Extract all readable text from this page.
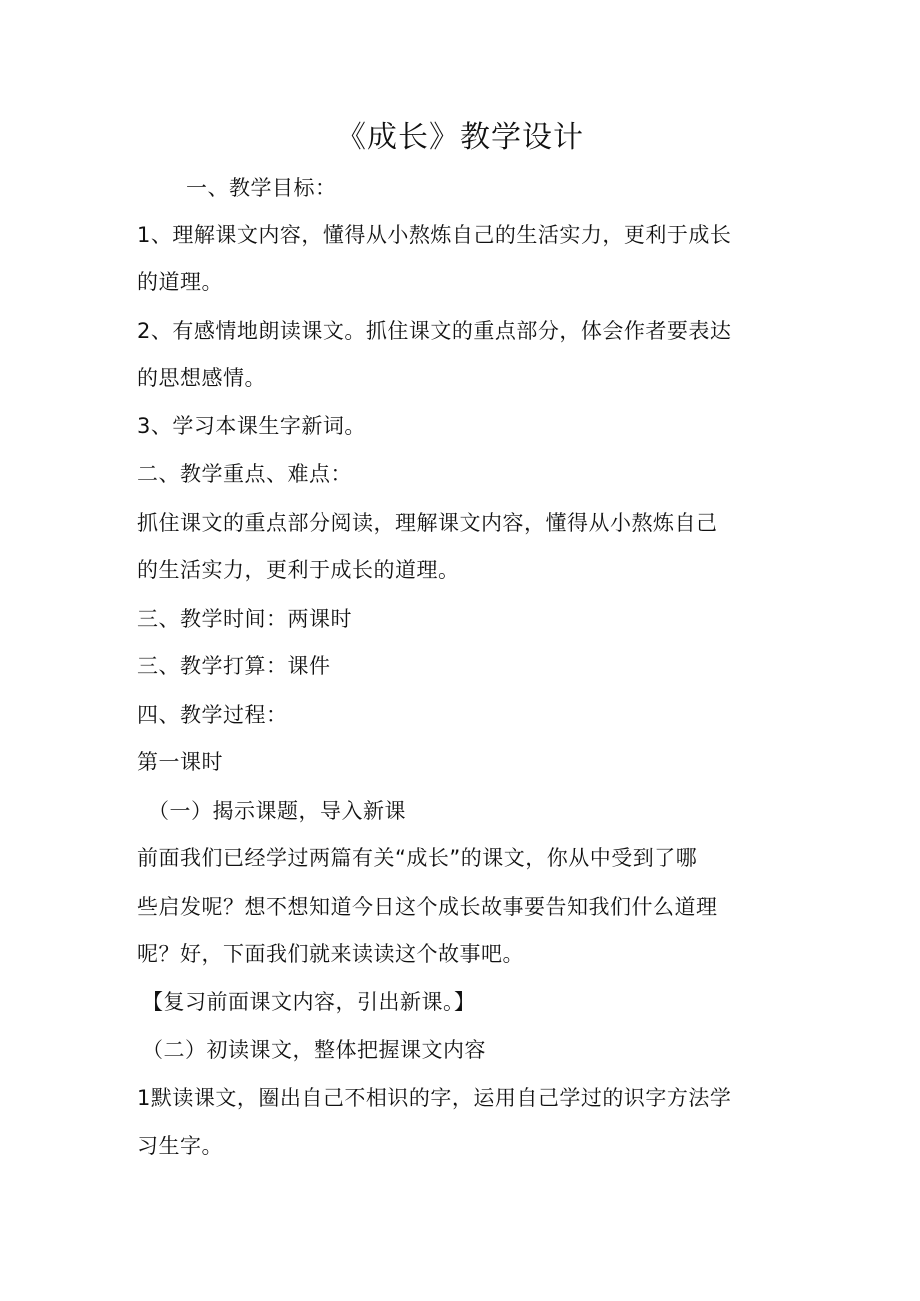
《成长》教学设计
一、教学目标：
1、理解课文内容，懂得从小熬炼自己的生活实力，更利于成长
的道理。
2、有感情地朗读课文。抓住课文的重点部分，体会作者要表达
的思想感情。
3、学习本课生字新词。
二、教学重点、难点：
抓住课文的重点部分阅读，理解课文内容，懂得从小熬炼自己
的生活实力，更利于成长的道理。
三、教学时间：两课时
三、教学打算：课件
四、教学过程：
第一课时
（一）揭示课题，导入新课
前面我们已经学过两篇有关“成长”的课文，你从中受到了哪
些启发呢？想不想知道今日这个成长故事要告知我们什么道理
呢？好，下面我们就来读读这个故事吧。
【复习前面课文内容，引出新课。】
（二）初读课文，整体把握课文内容
1默读课文，圈出自己不相识的字，运用自己学过的识字方法学
习生字。
